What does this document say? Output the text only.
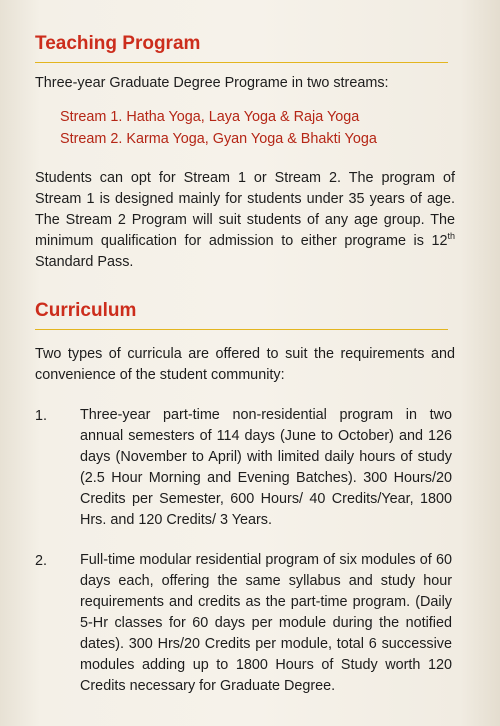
Teaching Program

Three-year Graduate Degree Programe in two streams:

Stream 1. Hatha Yoga, Laya Yoga & Raja Yoga

Stream 2. Karma Yoga, Gyan Yoga & Bhakti Yoga

Students can opt for Stream 1 or Stream 2. The program of Stream 1 is designed mainly for students under 35 years of age. The Stream 2 Program will suit students of any age group. The minimum qualification for admission to either programe is 12th Standard Pass.

Curriculum

Two types of curricula are offered to suit the requirements and convenience of the student community:

1. Three-year part-time non-residential program in two annual semesters of 114 days (June to October) and 126 days (November to April) with limited daily hours of study (2.5 Hour Morning and Evening Batches). 300 Hours/20 Credits per Semester, 600 Hours/ 40 Credits/Year, 1800 Hrs. and 120 Credits/ 3 Years.

2. Full-time modular residential program of six modules of 60 days each, offering the same syllabus and study hour requirements and credits as the part-time program. (Daily 5-Hr classes for 60 days per module during the notified dates). 300 Hrs/20 Credits per module, total 6 successive modules adding up to 1800 Hours of Study worth 120 Credits necessary for Graduate Degree.
